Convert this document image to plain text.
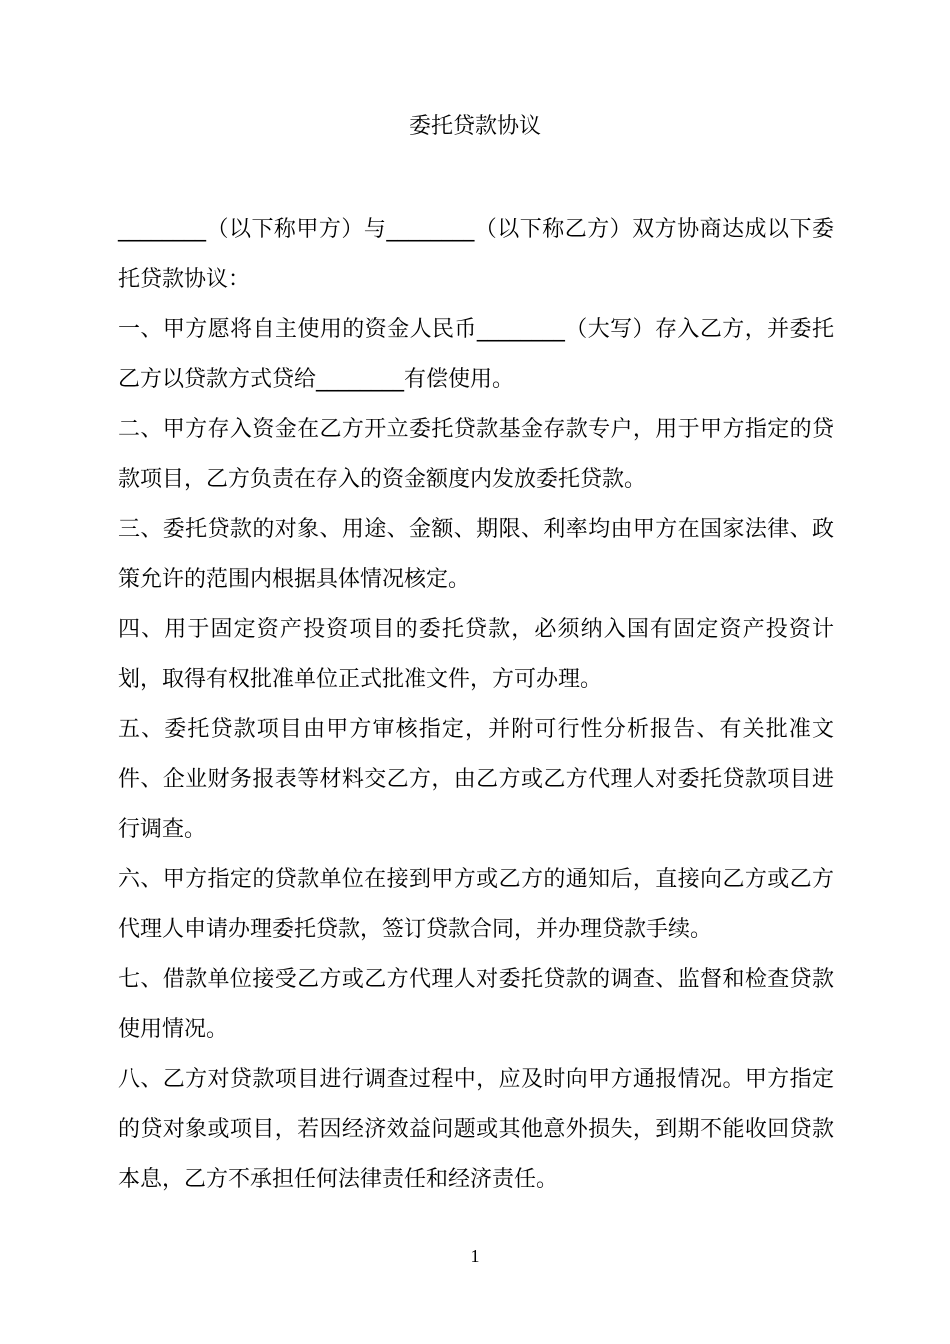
委托贷款协议

________（以下称甲方）与________（以下称乙方）双方协商达成以下委托贷款协议：

一、甲方愿将自主使用的资金人民币________（大写）存入乙方，并委托乙方以贷款方式贷给________有偿使用。

二、甲方存入资金在乙方开立委托贷款基金存款专户，用于甲方指定的贷款项目，乙方负责在存入的资金额度内发放委托贷款。

三、委托贷款的对象、用途、金额、期限、利率均由甲方在国家法律、政策允许的范围内根据具体情况核定。

四、用于固定资产投资项目的委托贷款，必须纳入国有固定资产投资计划，取得有权批准单位正式批准文件，方可办理。

五、委托贷款项目由甲方审核指定，并附可行性分析报告、有关批准文件、企业财务报表等材料交乙方，由乙方或乙方代理人对委托贷款项目进行调查。

六、甲方指定的贷款单位在接到甲方或乙方的通知后，直接向乙方或乙方代理人申请办理委托贷款，签订贷款合同，并办理贷款手续。

七、借款单位接受乙方或乙方代理人对委托贷款的调查、监督和检查贷款使用情况。

八、乙方对贷款项目进行调查过程中，应及时向甲方通报情况。甲方指定的贷对象或项目，若因经济效益问题或其他意外损失，到期不能收回贷款本息，乙方不承担任何法律责任和经济责任。

1
